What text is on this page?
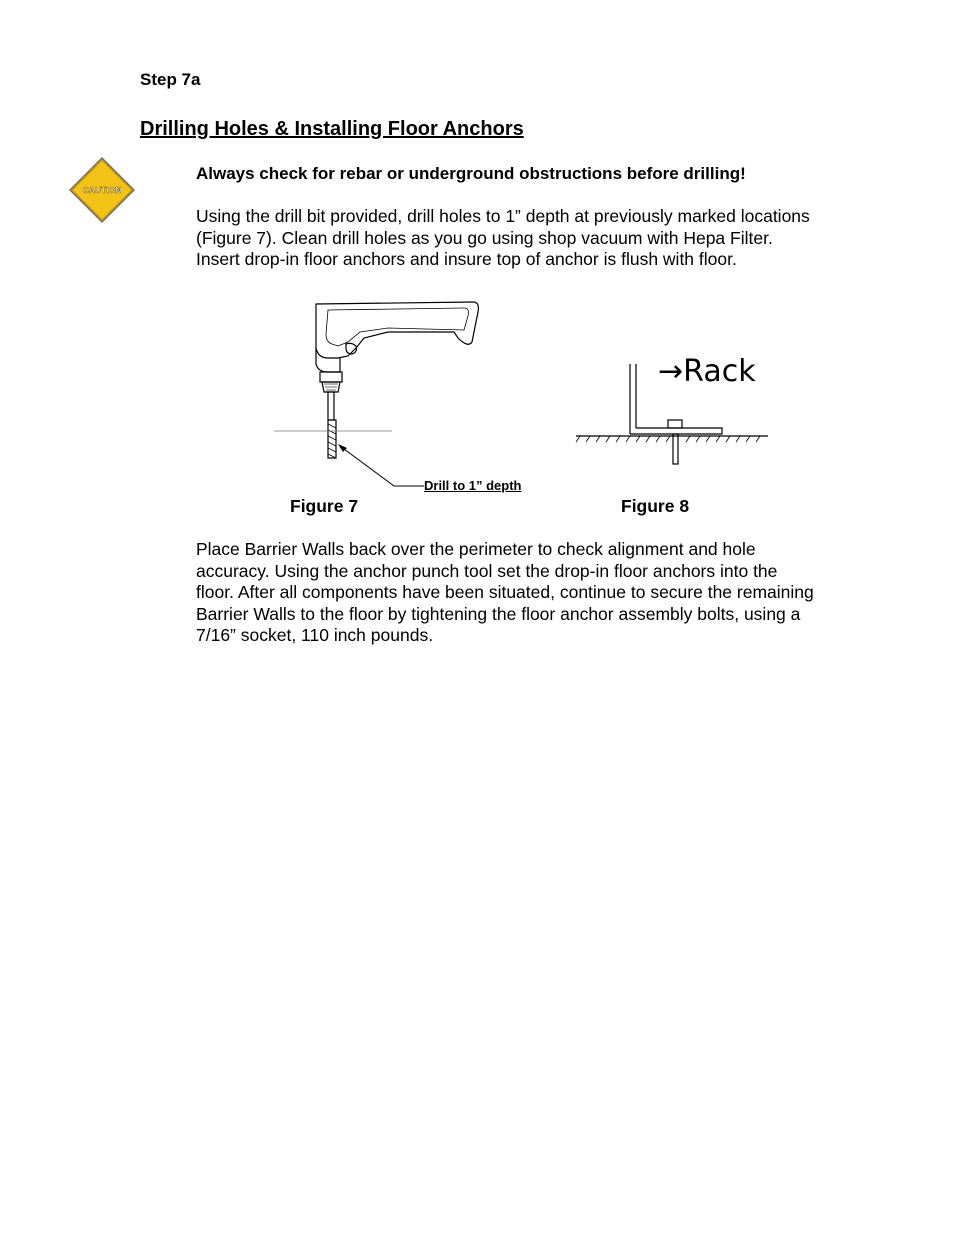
Step 7a
Drilling Holes & Installing Floor Anchors
CAUTION
Always check for rebar or underground obstructions before drilling!
Using the drill bit provided, drill holes to 1” depth at previously marked locations (Figure 7). Clean drill holes as you go using shop vacuum with Hepa Filter. Insert drop-in floor anchors and insure top of anchor is flush with floor.
Drill to 1” depth
→Rack
Figure 7	Figure 8
Place Barrier Walls back over the perimeter to check alignment and hole accuracy. Using the anchor punch tool set the drop-in floor anchors into the floor. After all components have been situated, continue to secure the remaining Barrier Walls to the floor by tightening the floor anchor assembly bolts, using a 7/16” socket, 110 inch pounds.
